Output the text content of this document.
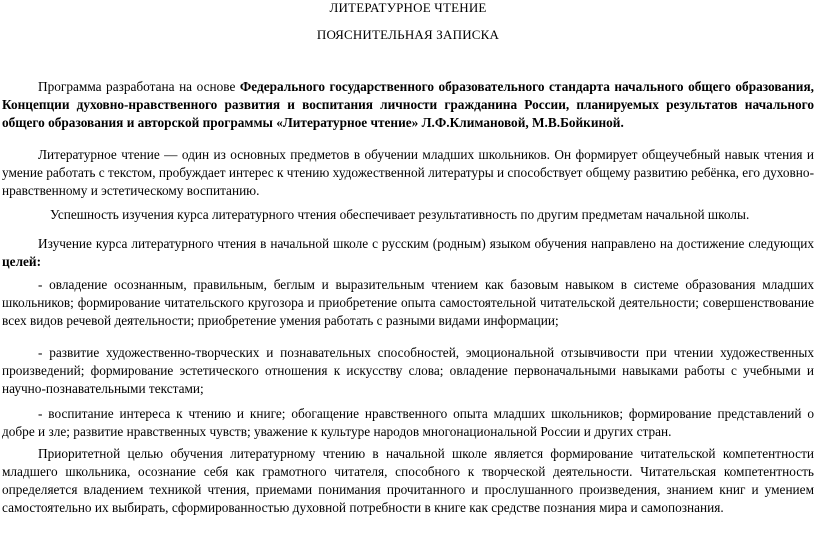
ЛИТЕРАТУРНОЕ ЧТЕНИЕ

ПОЯСНИТЕЛЬНАЯ ЗАПИСКА

Программа разработана на основе Федерального государственного образовательного стандарта начального общего образования, Концепции духовно-нравственного развития и воспитания личности гражданина России, планируемых результатов начального общего образования и авторской программы «Литературное чтение» Л.Ф.Климановой, М.В.Бойкиной.

Литературное чтение — один из основных предметов в обучении младших школьников. Он формирует общеучебный навык чтения и умение работать с текстом, пробуждает интерес к чтению художественной литературы и способствует общему развитию ребёнка, его духовно-нравственному и эстетическому воспитанию.

Успешность изучения курса литературного чтения обеспечивает результативность по другим предметам начальной школы.

Изучение курса литературного чтения в начальной школе с русским (родным) языком обучения направлено на достижение следующих целей:

- овладение осознанным, правильным, беглым и выразительным чтением как базовым навыком в системе образования младших школьников; формирование читательского кругозора и приобретение опыта самостоятельной читательской деятельности; совершенствование всех видов речевой деятельности; приобретение умения работать с разными видами информации;

- развитие художественно-творческих и познавательных способностей, эмоциональной отзывчивости при чтении художественных произведений; формирование эстетического отношения к искусству слова; овладение первоначальными навыками работы с учебными и научно-познавательными текстами;

- воспитание интереса к чтению и книге; обогащение нравственного опыта младших школьников; формирование представлений о добре и зле; развитие нравственных чувств; уважение к культуре народов многонациональной России и других стран.

Приоритетной целью обучения литературному чтению в начальной школе является формирование читательской компетентности младшего школьника, осознание себя как грамотного читателя, способного к творческой деятельности. Читательская компетентность определяется владением техникой чтения, приемами понимания прочитанного и прослушанного произведения, знанием книг и умением самостоятельно их выбирать, сформированностью духовной потребности в книге как средстве познания мира и самопознания.
